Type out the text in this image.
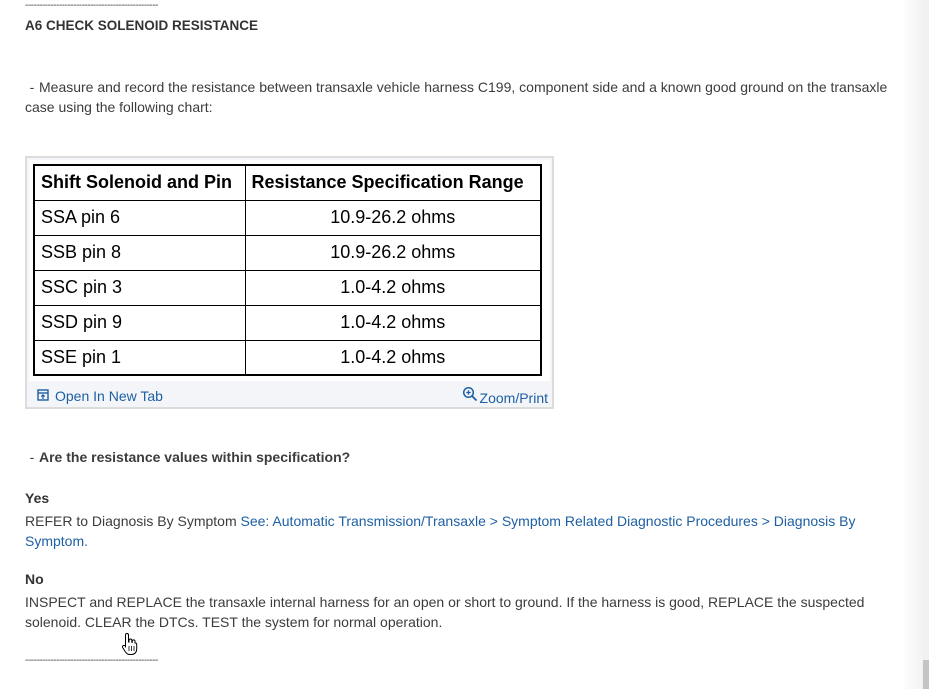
-----------------------------------------------
A6 CHECK SOLENOID RESISTANCE
- Measure and record the resistance between transaxle vehicle harness C199, component side and a known good ground on the transaxle case using the following chart:
Shift Solenoid and Pin	Resistance Specification Range
SSA pin 6	10.9-26.2 ohms
SSB pin 8	10.9-26.2 ohms
SSC pin 3	1.0-4.2 ohms
SSD pin 9	1.0-4.2 ohms
SSE pin 1	1.0-4.2 ohms
Open In New Tab	Zoom/Print
- Are the resistance values within specification?
Yes
REFER to Diagnosis By Symptom See: Automatic Transmission/Transaxle > Symptom Related Diagnostic Procedures > Diagnosis By Symptom.
No
INSPECT and REPLACE the transaxle internal harness for an open or short to ground. If the harness is good, REPLACE the suspected solenoid. CLEAR the DTCs. TEST the system for normal operation.
-----------------------------------------------
